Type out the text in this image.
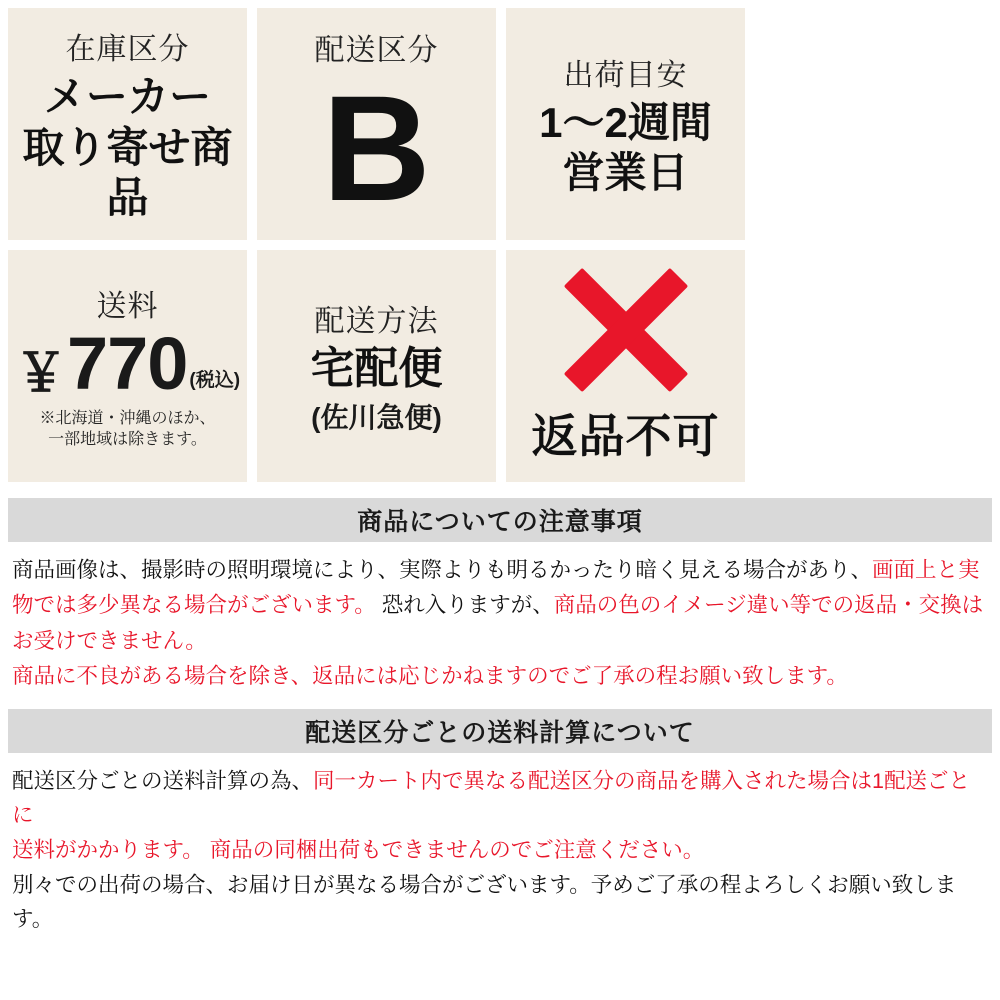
在庫区分
メーカー
取り寄せ商品
配送区分
B	出荷目安
1〜2週間
営業日
送料
￥ 770 (税込)
※北海道・沖縄のほか、
一部地域は除きます。
配送方法
宅配便
(佐川急便) 返品不可
商品についての注意事項

商品画像は、撮影時の照明環境により、実際よりも明るかったり暗く見える場合があり、画面上と実

物では多少異なる場合がございます。 恐れ入りますが、商品の色のイメージ違い等での返品・交換は

お受けできません。

商品に不良がある場合を除き、返品には応じかねますのでご了承の程お願い致します。

配送区分ごとの送料計算について

配送区分ごとの送料計算の為、同一カート内で異なる配送区分の商品を購入された場合は1配送ごとに

送料がかかります。 商品の同梱出荷もできませんのでご注意ください。

別々での出荷の場合、お届け日が異なる場合がございます。予めご了承の程よろしくお願い致します。
